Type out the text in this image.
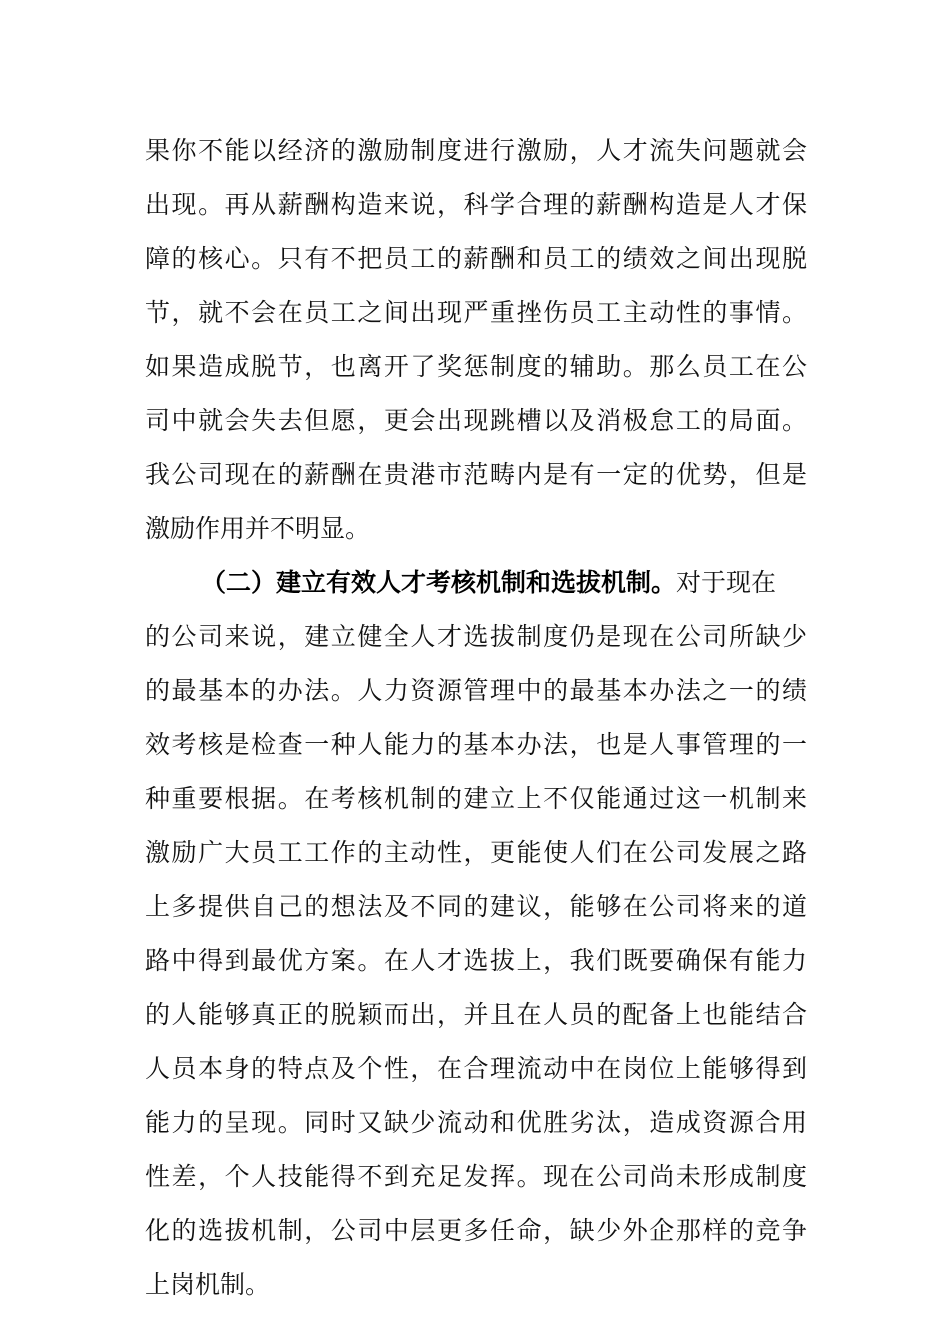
果你不能以经济的激励制度进行激励，人才流失问题就会
出现。再从薪酬构造来说，科学合理的薪酬构造是人才保
障的核心。只有不把员工的薪酬和员工的绩效之间出现脱
节，就不会在员工之间出现严重挫伤员工主动性的事情。
如果造成脱节，也离开了奖惩制度的辅助。那么员工在公
司中就会失去但愿，更会出现跳槽以及消极怠工的局面。
我公司现在的薪酬在贵港市范畴内是有一定的优势，但是
激励作用并不明显。
（二）建立有效人才考核机制和选拔机制。对于现在
的公司来说，建立健全人才选拔制度仍是现在公司所缺少
的最基本的办法。人力资源管理中的最基本办法之一的绩
效考核是检查一种人能力的基本办法，也是人事管理的一
种重要根据。在考核机制的建立上不仅能通过这一机制来
激励广大员工工作的主动性，更能使人们在公司发展之路
上多提供自己的想法及不同的建议，能够在公司将来的道
路中得到最优方案。在人才选拔上，我们既要确保有能力
的人能够真正的脱颖而出，并且在人员的配备上也能结合
人员本身的特点及个性，在合理流动中在岗位上能够得到
能力的呈现。同时又缺少流动和优胜劣汰，造成资源合用
性差，个人技能得不到充足发挥。现在公司尚未形成制度
化的选拔机制，公司中层更多任命，缺少外企那样的竞争
上岗机制。
